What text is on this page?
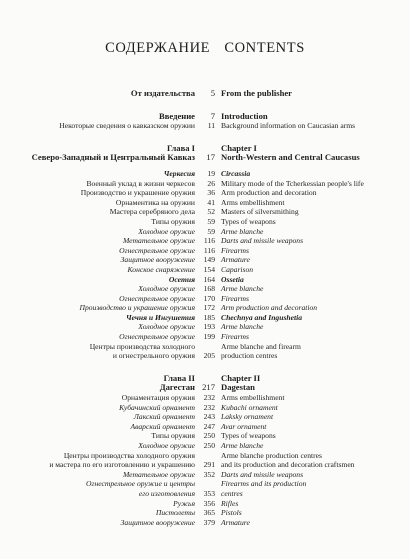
СОДЕРЖАНИЕ CONTENTS
От издательства	5 From the publisher
Введение	7 Introduction
Некоторые сведения о кавказском оружии	11 Background information on Caucasian arms
Глава I	Chapter I
Северо-Западный и Центральный Кавказ	17 North-Western and Central Caucasus
Черкесия	19 Circassia
Военный уклад в жизни черкесов	26 Military mode of the Tcherkessian people's life
Производство и украшение оружия	36 Arm production and decoration
Орнаментика на оружии	41 Arms embellishment
Мастера серебряного дела	52 Masters of silversmithing
Типы оружия	59 Types of weapons
Холодное оружие	59 Arme blanche
Метательное оружие	116 Darts and missile weapons
Огнестрельное оружие	116 Firearms
Защитное вооружение	149 Armature
Конское снаряжение	154 Caparison
Осетия	164 Ossetia
Холодное оружие	168 Arme blanche
Огнестрельное оружие	170 Firearms
Производство и украшение оружия	172 Arm production and decoration
Чечня и Ингушетия	185 Chechnya and Ingushetia
Холодное оружие	193 Arme blanche
Огнестрельное оружие	199 Firearms
Центры производства холодного	Arme blanche and firearm
и огнестрельного оружия	205 production centres
Глава II	Chapter II
Дагестан 217 Dagestan
Орнаментация оружия	232 Arms embellishment
Кубачинский орнамент	232 Kubachi ornament
Лакский орнамент	243 Laksky ornament
Аварский орнамент	247 Avar ornament
Типы оружия	250 Types of weapons
Холодное оружие	250 Arme blanche
Центры производства холодного оружия	Arme blanche production centres
и мастера по его изготовлению и украшению	291 and its production and decoration craftsmen
Метательное оружие	352 Darts and missile weapons
Огнестрельное оружие и центры	Firearms and its production
его изготовления	353 centres
Ружья	356 Rifles
Пистолеты	365 Pistols
Защитное вооружение	379 Armature
